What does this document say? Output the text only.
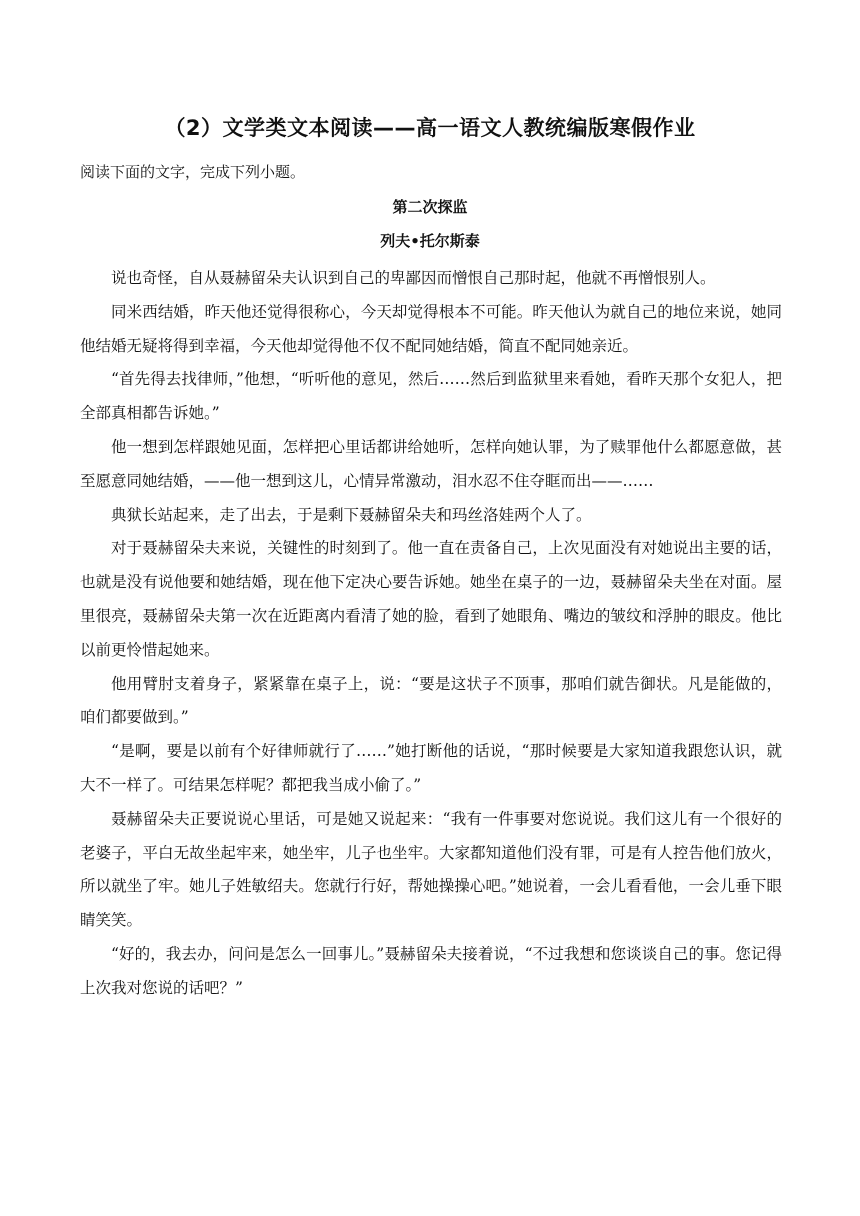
（2）文学类文本阅读——高一语文人教统编版寒假作业
阅读下面的文字，完成下列小题。
第二次探监
列夫•托尔斯泰

说也奇怪，自从聂赫留朵夫认识到自己的卑鄙因而憎恨自己那时起，他就不再憎恨别人。

同米西结婚，昨天他还觉得很称心，今天却觉得根本不可能。昨天他认为就自己的地位来说，她同他结婚无疑将得到幸福，今天他却觉得他不仅不配同她结婚，简直不配同她亲近。

“首先得去找律师，”他想，“听听他的意见，然后……然后到监狱里来看她，看昨天那个女犯人，把全部真相都告诉她。”

他一想到怎样跟她见面，怎样把心里话都讲给她听，怎样向她认罪，为了赎罪他什么都愿意做，甚至愿意同她结婚，——他一想到这儿，心情异常激动，泪水忍不住夺眶而出——……

典狱长站起来，走了出去，于是剩下聂赫留朵夫和玛丝洛娃两个人了。

对于聂赫留朵夫来说，关键性的时刻到了。他一直在责备自己，上次见面没有对她说出主要的话，也就是没有说他要和她结婚，现在他下定决心要告诉她。她坐在桌子的一边，聂赫留朵夫坐在对面。屋里很亮，聂赫留朵夫第一次在近距离内看清了她的脸，看到了她眼角、嘴边的皱纹和浮肿的眼皮。他比以前更怜惜起她来。

他用臂肘支着身子，紧紧靠在桌子上，说：“要是这状子不顶事，那咱们就告御状。凡是能做的，咱们都要做到。”

“是啊，要是以前有个好律师就行了……”她打断他的话说，“那时候要是大家知道我跟您认识，就大不一样了。可结果怎样呢？都把我当成小偷了。”

聂赫留朵夫正要说说心里话，可是她又说起来：“我有一件事要对您说说。我们这儿有一个很好的老婆子，平白无故坐起牢来，她坐牢，儿子也坐牢。大家都知道他们没有罪，可是有人控告他们放火，所以就坐了牢。她儿子姓敏绍夫。您就行行好，帮她操操心吧。”她说着，一会儿看看他，一会儿垂下眼睛笑笑。

“好的，我去办，问问是怎么一回事儿。”聂赫留朵夫接着说，“不过我想和您谈谈自己的事。您记得上次我对您说的话吧？”
